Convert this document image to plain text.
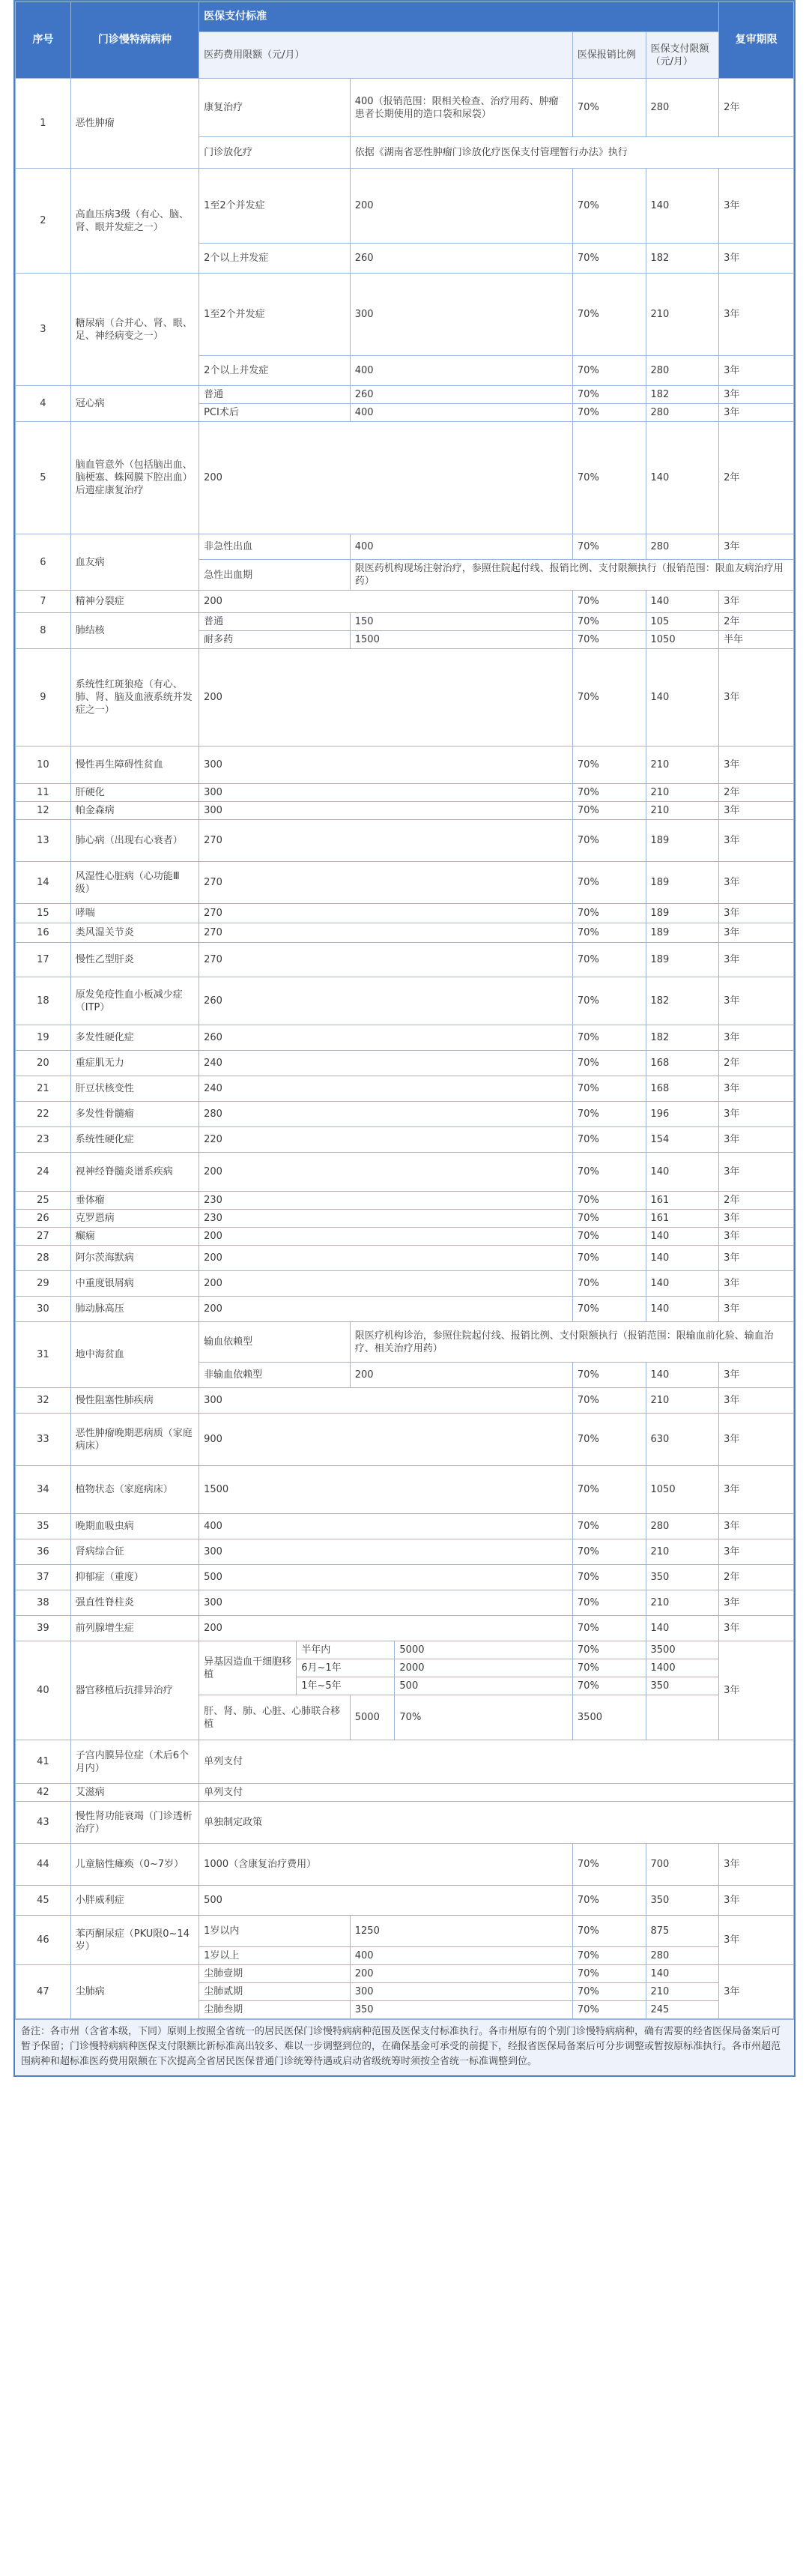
序号	门诊慢特病病种	医保支付标准						复审期限
		医药费用限额（元/月）				医保报销比例	医保支付限额（元/月）	
1	恶性肿瘤	康复治疗		400（报销范围：限相关检查、治疗用药、肿瘤患者长期使用的造口袋和尿袋）		70%	280	2年
		门诊放化疗		依据《湖南省恶性肿瘤门诊放化疗医保支付管理暂行办法》执行				
2	高血压病3级（有心、脑、肾、眼并发症之一）	1至2个并发症		200		70%	140	3年
		2个以上并发症		260		70%	182	3年
3	糖尿病（合并心、肾、眼、足、神经病变之一）	1至2个并发症		300		70%	210	3年
		2个以上并发症		400		70%	280	3年
4	冠心病	普通		260		70%	182	3年
		PCI术后		400		70%	280	3年
5	脑血管意外（包括脑出血、脑梗塞、蛛网膜下腔出血）后遗症康复治疗	200				70%	140	2年
6	血友病	非急性出血		400		70%	280	3年
		急性出血期		限医药机构现场注射治疗，参照住院起付线、报销比例、支付限额执行（报销范围：限血友病治疗用药）				
7	精神分裂症	200				70%	140	3年
8	肺结核	普通		150		70%	105	2年
		耐多药		1500		70%	1050	半年
9	系统性红斑狼疮（有心、肺、肾、脑及血液系统并发症之一）	200				70%	140	3年
10	慢性再生障碍性贫血	300				70%	210	3年
11	肝硬化	300				70%	210	2年
12	帕金森病	300				70%	210	3年
13	肺心病（出现右心衰者）	270				70%	189	3年
14	风湿性心脏病（心功能Ⅲ级）	270				70%	189	3年
15	哮喘	270				70%	189	3年
16	类风湿关节炎	270				70%	189	3年
17	慢性乙型肝炎	270				70%	189	3年
18	原发免疫性血小板减少症（ITP）	260				70%	182	3年
19	多发性硬化症	260				70%	182	3年
20	重症肌无力	240				70%	168	2年
21	肝豆状核变性	240				70%	168	3年
22	多发性骨髓瘤	280				70%	196	3年
23	系统性硬化症	220				70%	154	3年
24	视神经脊髓炎谱系疾病	200				70%	140	3年
25	垂体瘤	230				70%	161	2年
26	克罗恩病	230				70%	161	3年
27	癫痫	200				70%	140	3年
28	阿尔茨海默病	200				70%	140	3年
29	中重度银屑病	200				70%	140	3年
30	肺动脉高压	200				70%	140	3年
31	地中海贫血	输血依赖型		限医疗机构诊治，参照住院起付线、报销比例、支付限额执行（报销范围：限输血前化验、输血治疗、相关治疗用药）				
		非输血依赖型		200		70%	140	3年
32	慢性阻塞性肺疾病	300				70%	210	3年
33	恶性肿瘤晚期恶病质（家庭病床）	900				70%	630	3年
34	植物状态（家庭病床）	1500				70%	1050	3年
35	晚期血吸虫病	400				70%	280	3年
36	肾病综合征	300				70%	210	3年
37	抑郁症（重度）	500				70%	350	2年
38	强直性脊柱炎	300				70%	210	3年
39	前列腺增生症	200				70%	140	3年
40	器官移植后抗排异治疗	异基因造血干细胞移植	半年内		5000	70%	3500	3年
			6月~1年		2000	70%	1400	
			1年~5年		500	70%	350	
		肝、肾、肺、心脏、心肺联合移植		5000	70%	3500		
41	子宫内膜异位症（术后6个月内）	单列支付						
42	艾滋病	单列支付						
43	慢性肾功能衰竭（门诊透析治疗）	单独制定政策						
44	儿童脑性瘫痪（0~7岁）	1000（含康复治疗费用）				70%	700	3年
45	小胖威利症	500				70%	350	3年
46	苯丙酮尿症（PKU限0~14岁）	1岁以内		1250		70%	875	3年
		1岁以上		400		70%	280	
47	尘肺病	尘肺壹期		200		70%	140	3年
		尘肺贰期		300		70%	210	
		尘肺叁期		350		70%	245	
备注：各市州（含省本级，下同）原则上按照全省统一的居民医保门诊慢特病病种范围及医保支付标准执行。各市州原有的个别门诊慢特病病种，确有需要的经省医保局备案后可暂予保留；门诊慢特病病种医保支付限额比新标准高出较多、难以一步调整到位的，在确保基金可承受的前提下，经报省医保局备案后可分步调整或暂按原标准执行。各市州超范围病种和超标准医药费用限额在下次提高全省居民医保普通门诊统筹待遇或启动省级统筹时须按全省统一标准调整到位。
